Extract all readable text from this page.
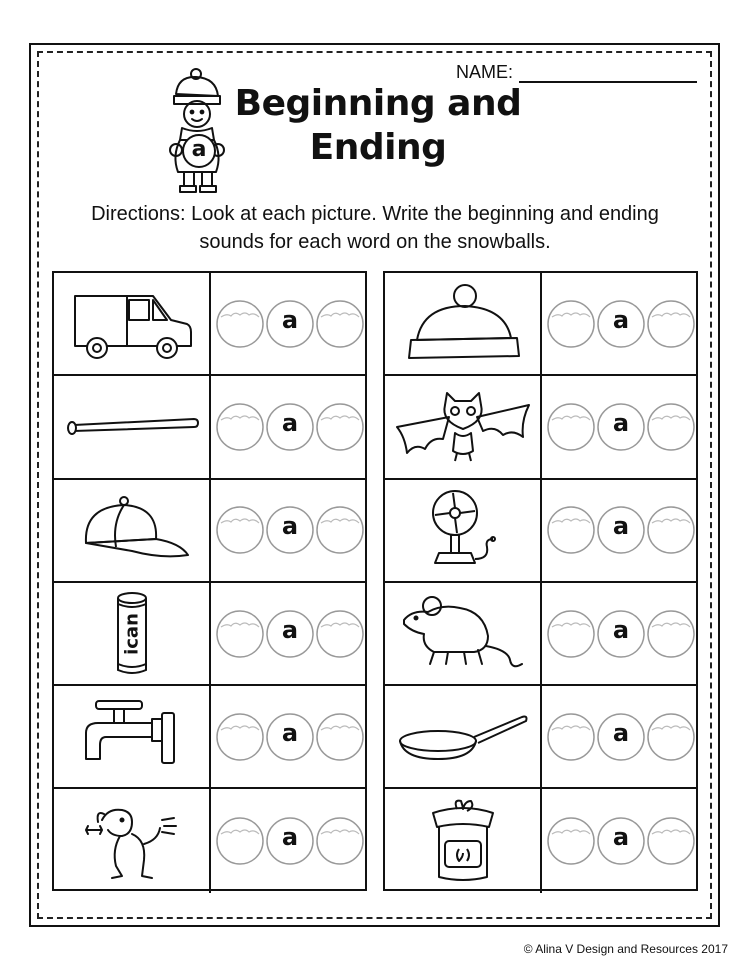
a
Beginning and Ending
NAME:
Directions: Look at each picture. Write the beginning and ending sounds for each word on the snowballs.
a
a
a
ican	a
a
a
a
a
a
a
a
a
© Alina V Design and Resources 2017
